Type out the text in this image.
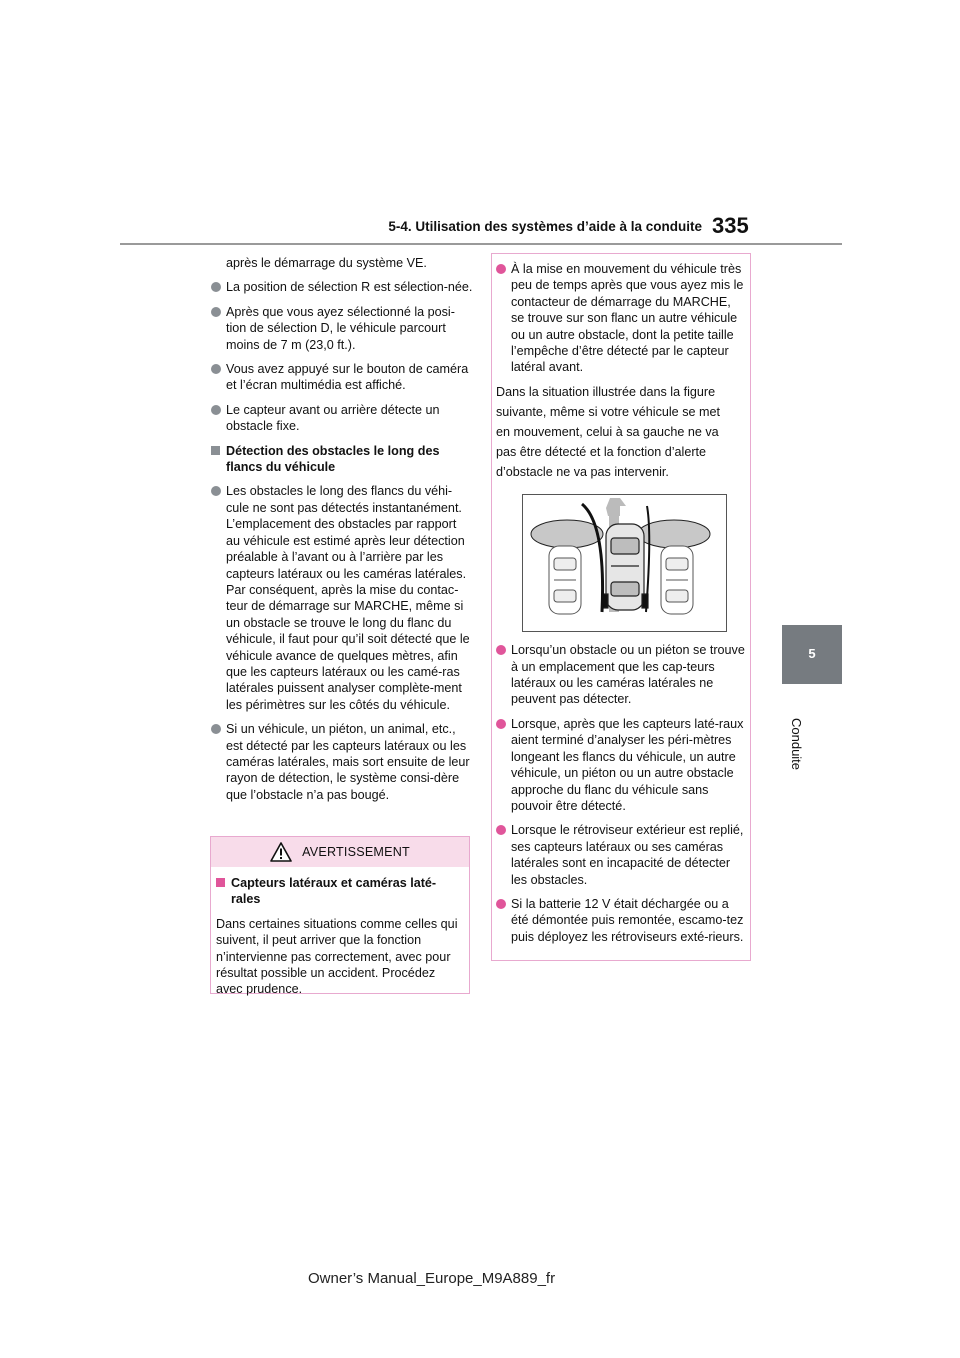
5-4. Utilisation des systèmes d’aide à la conduite 335
5
Conduite

après le démarrage du système VE.

La position de sélection R est sélection-née.

Après que vous ayez sélectionné la posi-tion de sélection D, le véhicule parcourt moins de 7 m (23,0 ft.).

Vous avez appuyé sur le bouton de caméra et l’écran multimédia est affiché.

Le capteur avant ou arrière détecte un obstacle fixe.

Détection des obstacles le long des flancs du véhicule

Les obstacles le long des flancs du véhi-cule ne sont pas détectés instantanément. L’emplacement des obstacles par rapport au véhicule est estimé après leur détection préalable à l’avant ou à l’arrière par les capteurs latéraux ou les caméras latérales. Par conséquent, après la mise du contac-teur de démarrage sur MARCHE, même si un obstacle se trouve le long du flanc du véhicule, il faut pour qu’il soit détecté que le véhicule avance de quelques mètres, afin que les capteurs latéraux ou les camé-ras latérales puissent analyser complète-ment les périmètres sur les côtés du véhicule.

Si un véhicule, un piéton, un animal, etc., est détecté par les capteurs latéraux ou les caméras latérales, mais sort ensuite de leur rayon de détection, le système consi-dère que l’obstacle n’a pas bougé.

AVERTISSEMENT

Capteurs latéraux et caméras laté-rales

Dans certaines situations comme celles qui suivent, il peut arriver que la fonction n’intervienne pas correctement, avec pour résultat possible un accident. Procédez avec prudence.

À la mise en mouvement du véhicule très peu de temps après que vous ayez mis le contacteur de démarrage du MARCHE, se trouve sur son flanc un autre véhicule ou un autre obstacle, dont la petite taille l’empêche d’être détecté par le capteur latéral avant.

Dans la situation illustrée dans la figure

suivante, même si votre véhicule se met

en mouvement, celui à sa gauche ne va

pas être détecté et la fonction d’alerte

d’obstacle ne va pas intervenir.

Lorsqu’un obstacle ou un piéton se trouve à un emplacement que les cap-teurs latéraux ou les caméras latérales ne peuvent pas détecter.

Lorsque, après que les capteurs laté-raux aient terminé d’analyser les péri-mètres longeant les flancs du véhicule, un autre véhicule, un piéton ou un autre obstacle approche du flanc du véhicule sans pouvoir être détecté.

Lorsque le rétroviseur extérieur est replié, ses capteurs latéraux ou ses caméras latérales sont en incapacité de détecter les obstacles.

Si la batterie 12 V était déchargée ou a été démontée puis remontée, escamo-tez puis déployez les rétroviseurs exté-rieurs.

Owner’s Manual_Europe_M9A889_fr
